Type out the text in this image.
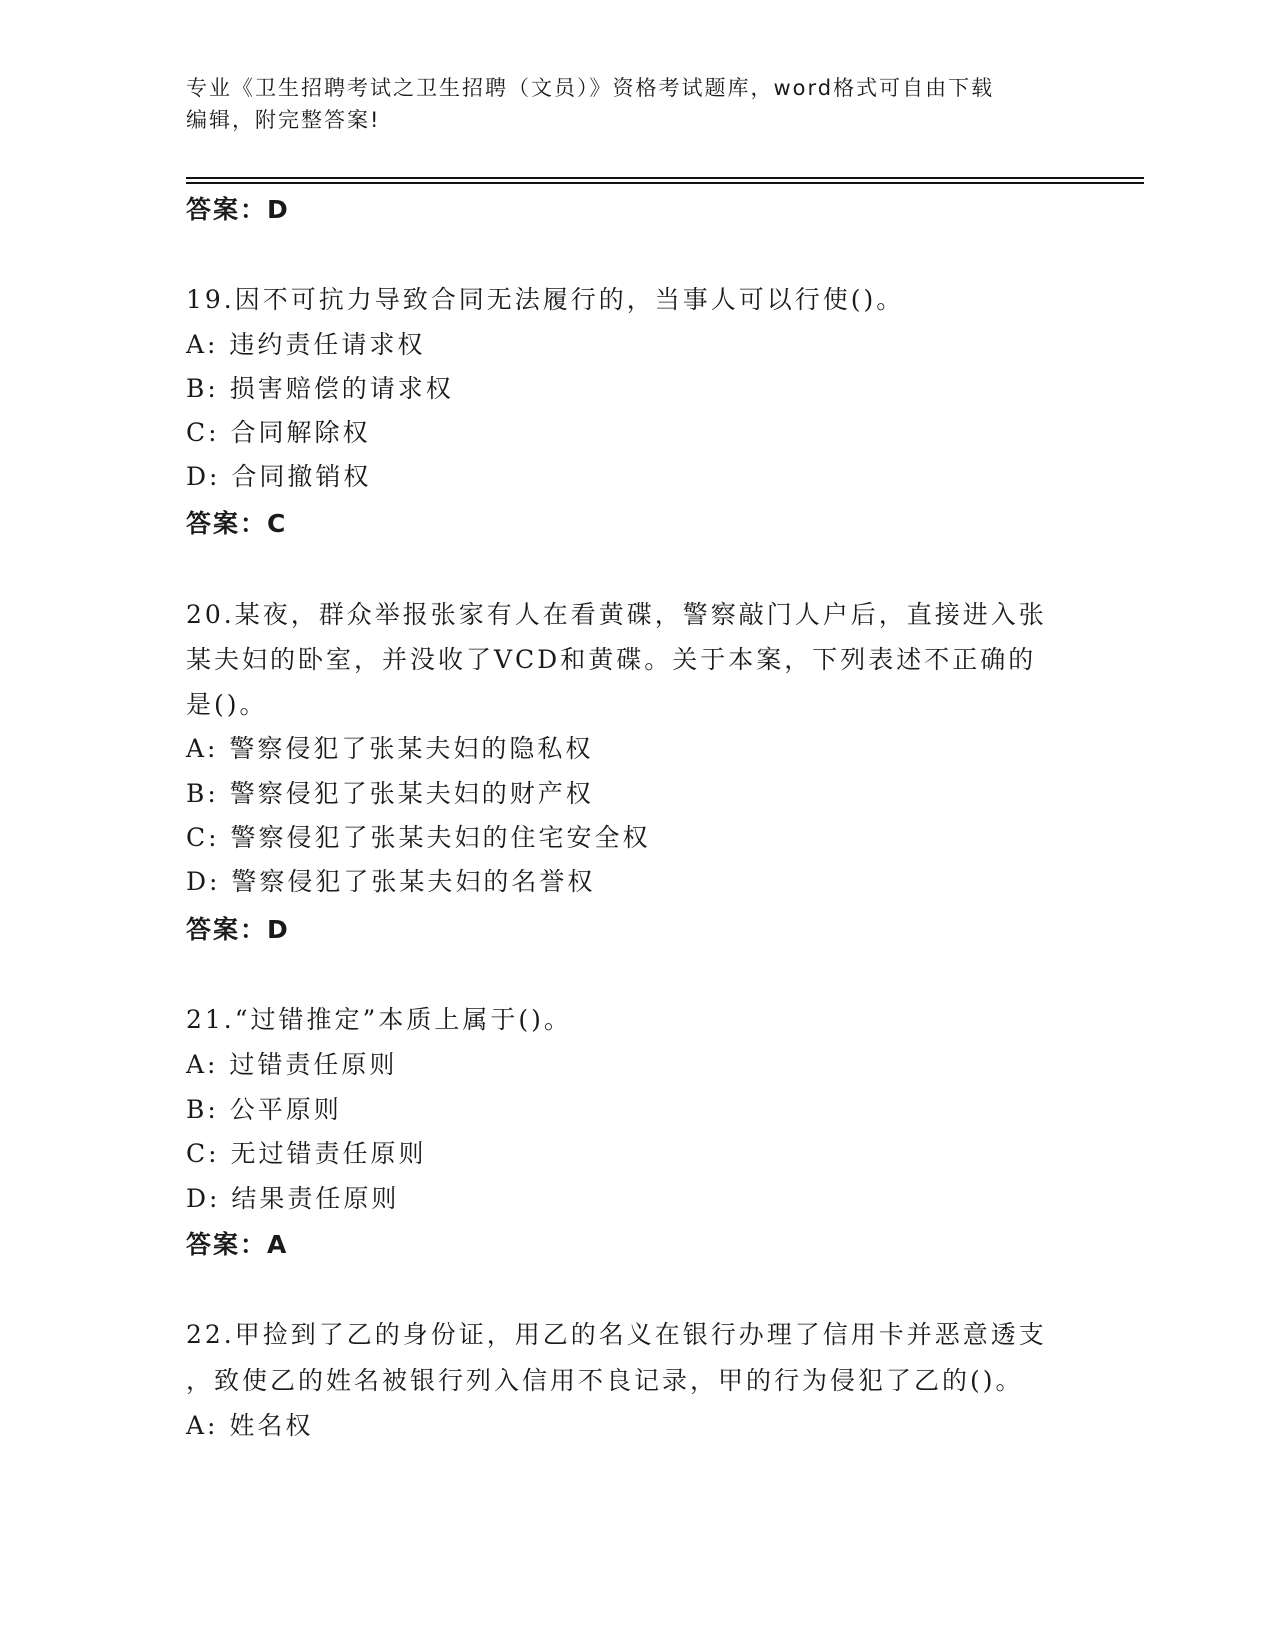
专业《卫生招聘考试之卫生招聘（文员）》资格考试题库，word格式可自由下载
编辑，附完整答案!
答案：D
19.因不可抗力导致合同无法履行的，当事人可以行使()。
A: 违约责任请求权
B: 损害赔偿的请求权
C: 合同解除权
D: 合同撤销权
答案：C
20.某夜，群众举报张家有人在看黄碟，警察敲门人户后，直接进入张
某夫妇的卧室，并没收了VCD和黄碟。关于本案，下列表述不正确的
是()。
A: 警察侵犯了张某夫妇的隐私权
B: 警察侵犯了张某夫妇的财产权
C: 警察侵犯了张某夫妇的住宅安全权
D: 警察侵犯了张某夫妇的名誉权
答案：D
21.“过错推定”本质上属于()。
A: 过错责任原则
B: 公平原则
C: 无过错责任原则
D: 结果责任原则
答案：A
22.甲捡到了乙的身份证，用乙的名义在银行办理了信用卡并恶意透支
，致使乙的姓名被银行列入信用不良记录，甲的行为侵犯了乙的()。
A: 姓名权
